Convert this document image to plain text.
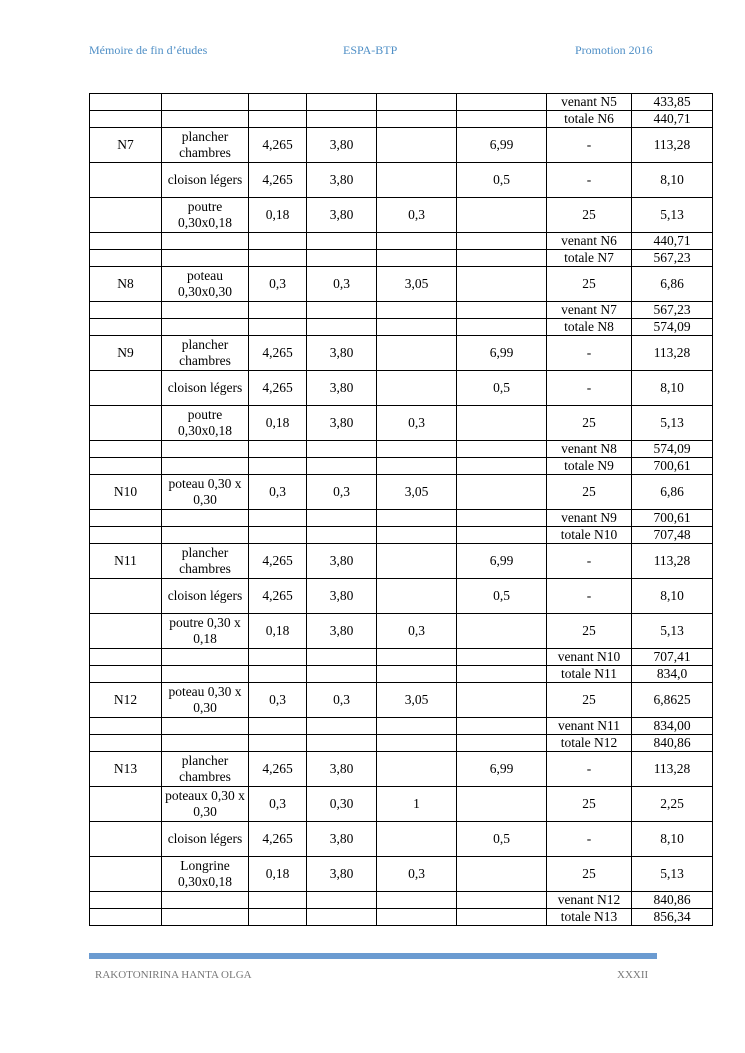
Mémoire de fin d’études	ESPA-BTP	Promotion 2016
						venant N5	433,85
						totale N6	440,71
N7	plancher chambres	4,265	3,80		6,99	-	113,28
	cloison légers	4,265	3,80		0,5	-	8,10
	poutre 0,30x0,18	0,18	3,80	0,3		25	5,13
						venant N6	440,71
						totale N7	567,23
N8	poteau 0,30x0,30	0,3	0,3	3,05		25	6,86
						venant N7	567,23
						totale N8	574,09
N9	plancher chambres	4,265	3,80		6,99	-	113,28
	cloison légers	4,265	3,80		0,5	-	8,10
	poutre 0,30x0,18	0,18	3,80	0,3		25	5,13
						venant N8	574,09
						totale N9	700,61
N10	poteau 0,30 x 0,30	0,3	0,3	3,05		25	6,86
						venant N9	700,61
						totale N10	707,48
N11	plancher chambres	4,265	3,80		6,99	-	113,28
	cloison légers	4,265	3,80		0,5	-	8,10
	poutre 0,30 x 0,18	0,18	3,80	0,3		25	5,13
						venant N10	707,41
						totale N11	834,0
N12	poteau 0,30 x 0,30	0,3	0,3	3,05		25	6,8625
						venant N11	834,00
						totale N12	840,86
N13	plancher chambres	4,265	3,80		6,99	-	113,28
	poteaux 0,30 x 0,30	0,3	0,30	1		25	2,25
	cloison légers	4,265	3,80		0,5	-	8,10
	Longrine 0,30x0,18	0,18	3,80	0,3		25	5,13
						venant N12	840,86
						totale N13	856,34
RAKOTONIRINA HANTA OLGA	XXXII
